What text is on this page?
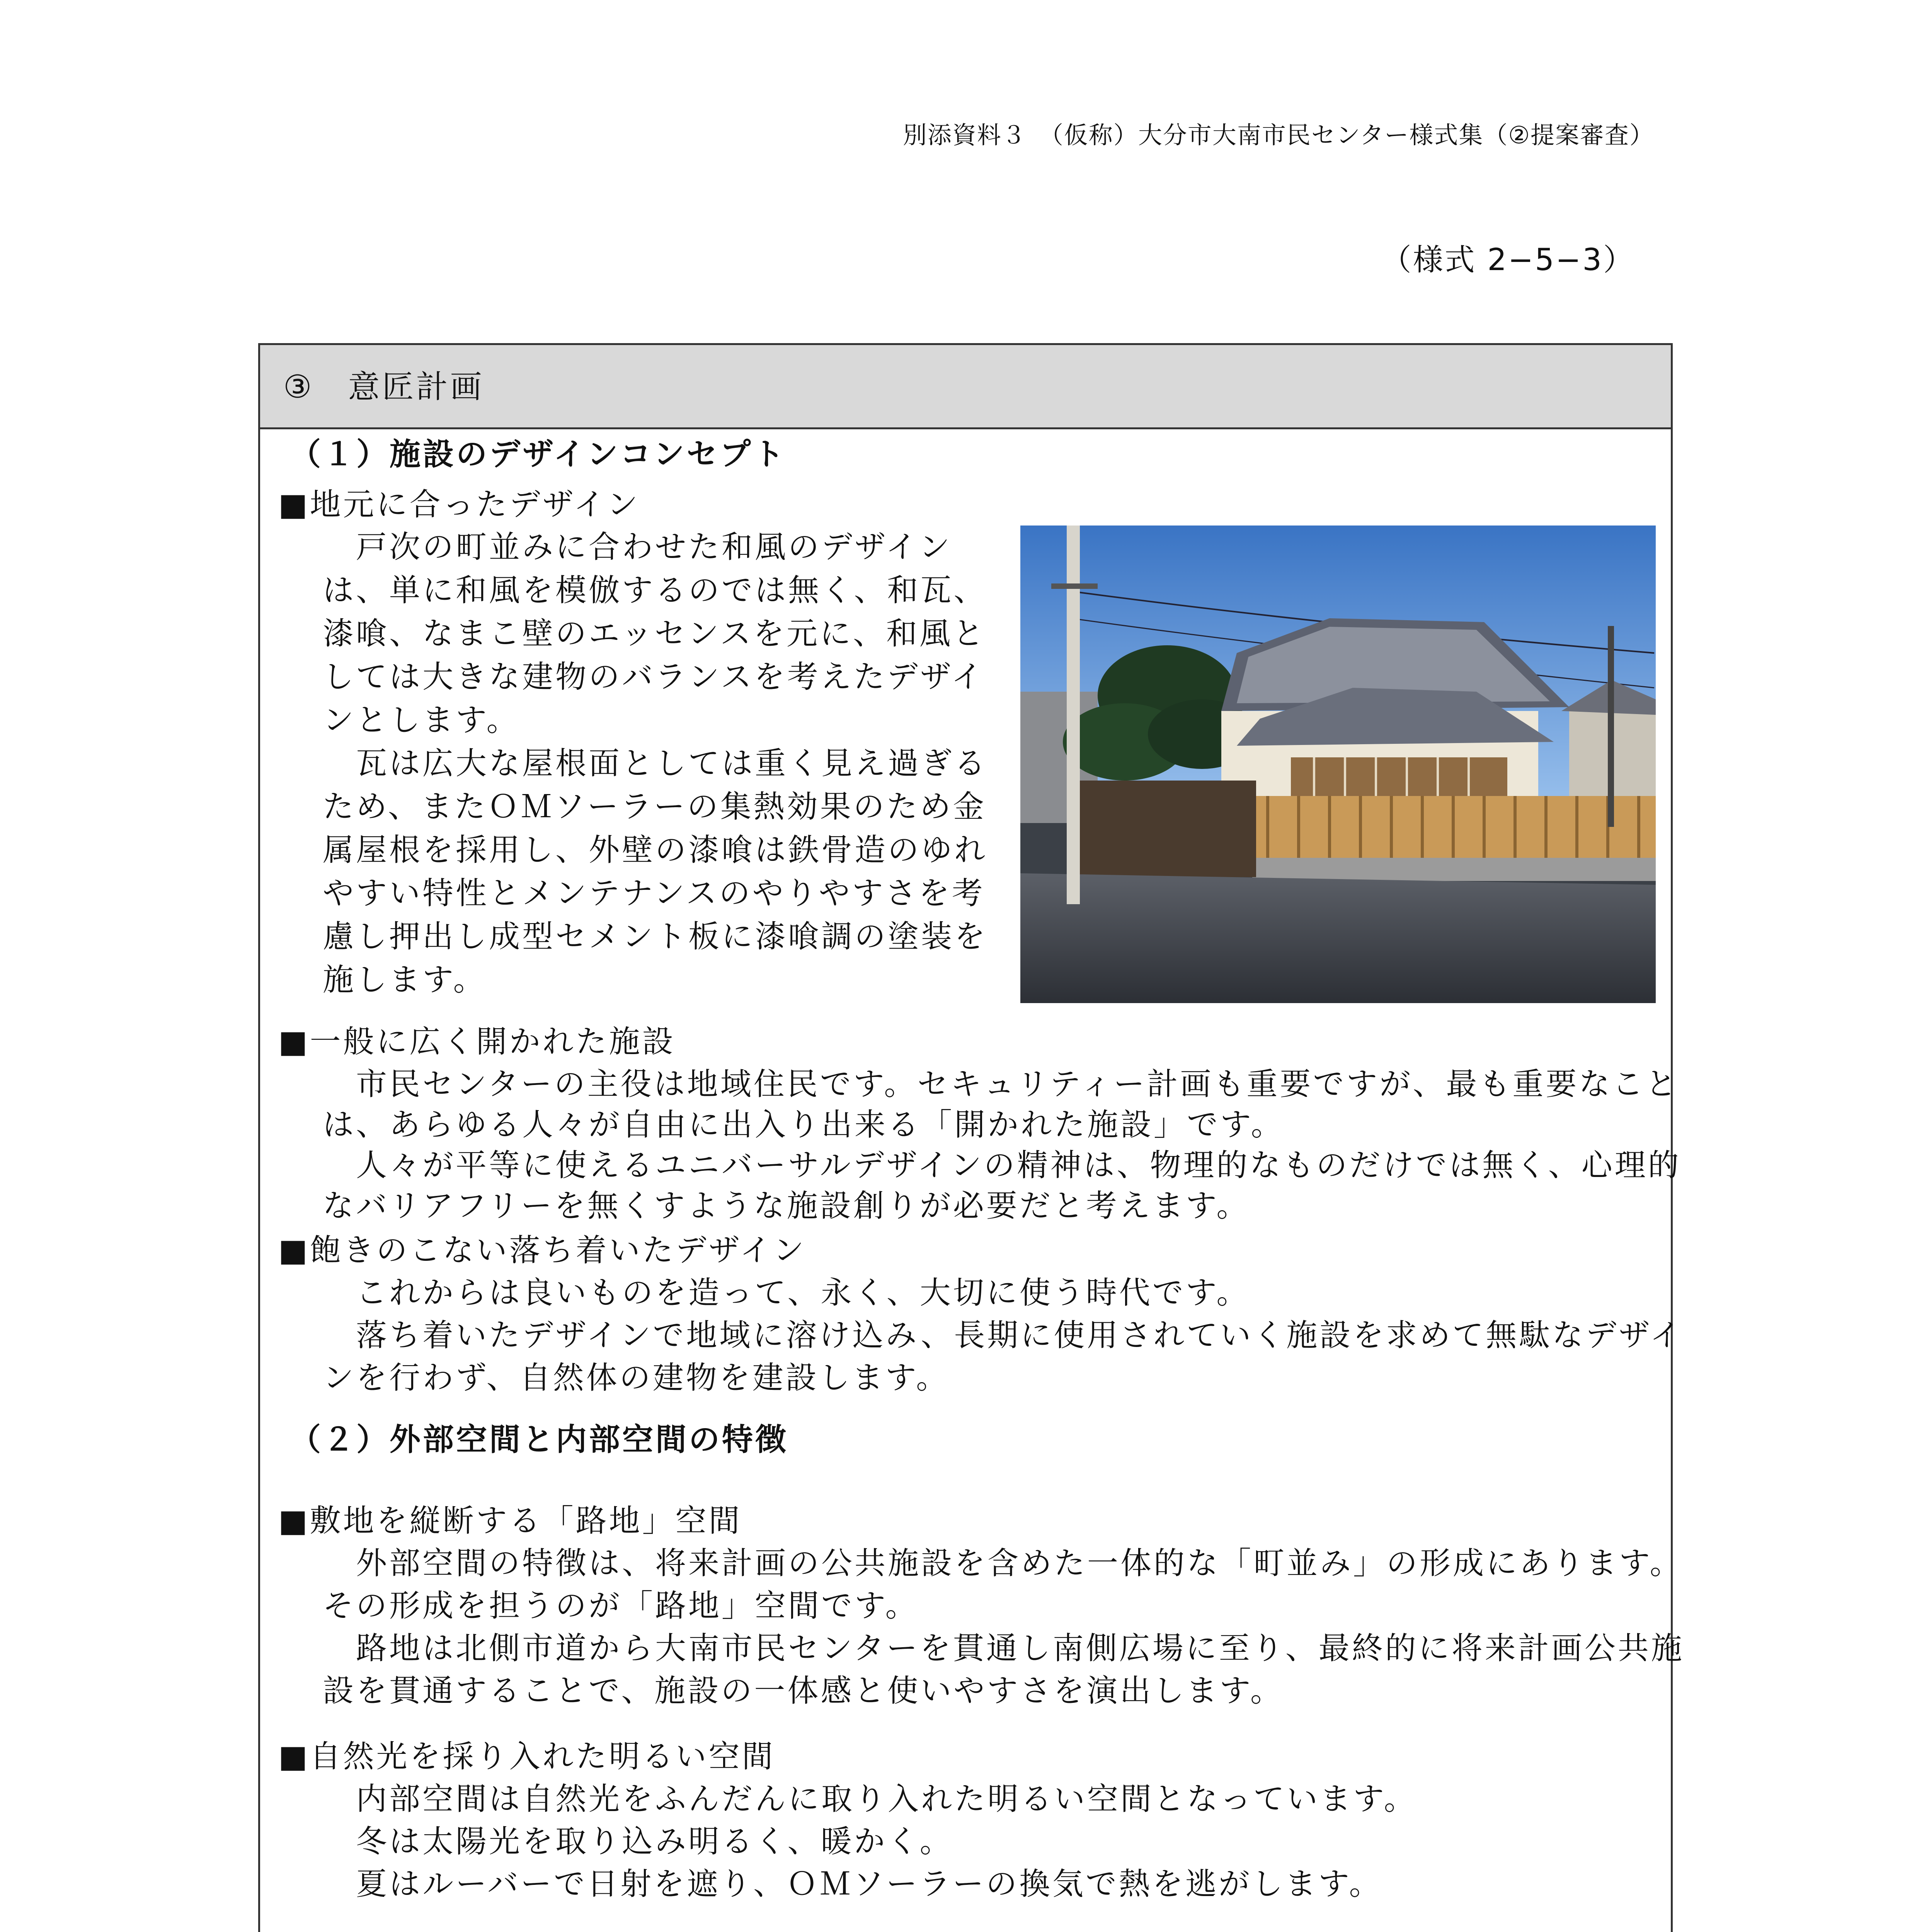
別添資料３　（仮称）大分市大南市民センター様式集（②提案審査）
（様式 2−5−3）
③　意匠計画
（１）施設のデザインコンセプト
■地元に合ったデザイン
　戸次の町並みに合わせた和風のデザイン
は、単に和風を模倣するのでは無く、和瓦、
漆喰、なまこ壁のエッセンスを元に、和風と
しては大きな建物のバランスを考えたデザイ
ンとします。
　瓦は広大な屋根面としては重く見え過ぎる
ため、またＯＭソーラーの集熱効果のため金
属屋根を採用し、外壁の漆喰は鉄骨造のゆれ
やすい特性とメンテナンスのやりやすさを考
慮し押出し成型セメント板に漆喰調の塗装を
施します。
■一般に広く開かれた施設
　市民センターの主役は地域住民です。セキュリティー計画も重要ですが、最も重要なこと
は、あらゆる人々が自由に出入り出来る「開かれた施設」です。
　人々が平等に使えるユニバーサルデザインの精神は、物理的なものだけでは無く、心理的
なバリアフリーを無くすような施設創りが必要だと考えます。
■飽きのこない落ち着いたデザイン
　これからは良いものを造って、永く、大切に使う時代です。
　落ち着いたデザインで地域に溶け込み、長期に使用されていく施設を求めて無駄なデザイ
ンを行わず、自然体の建物を建設します。
（２）外部空間と内部空間の特徴
■敷地を縦断する「路地」空間
　外部空間の特徴は、将来計画の公共施設を含めた一体的な「町並み」の形成にあります。
その形成を担うのが「路地」空間です。
　路地は北側市道から大南市民センターを貫通し南側広場に至り、最終的に将来計画公共施
設を貫通することで、施設の一体感と使いやすさを演出します。
■自然光を採り入れた明るい空間
　内部空間は自然光をふんだんに取り入れた明るい空間となっています。
　冬は太陽光を取り込み明るく、暖かく。
　夏はルーバーで日射を遮り、ＯＭソーラーの換気で熱を逃がします。
